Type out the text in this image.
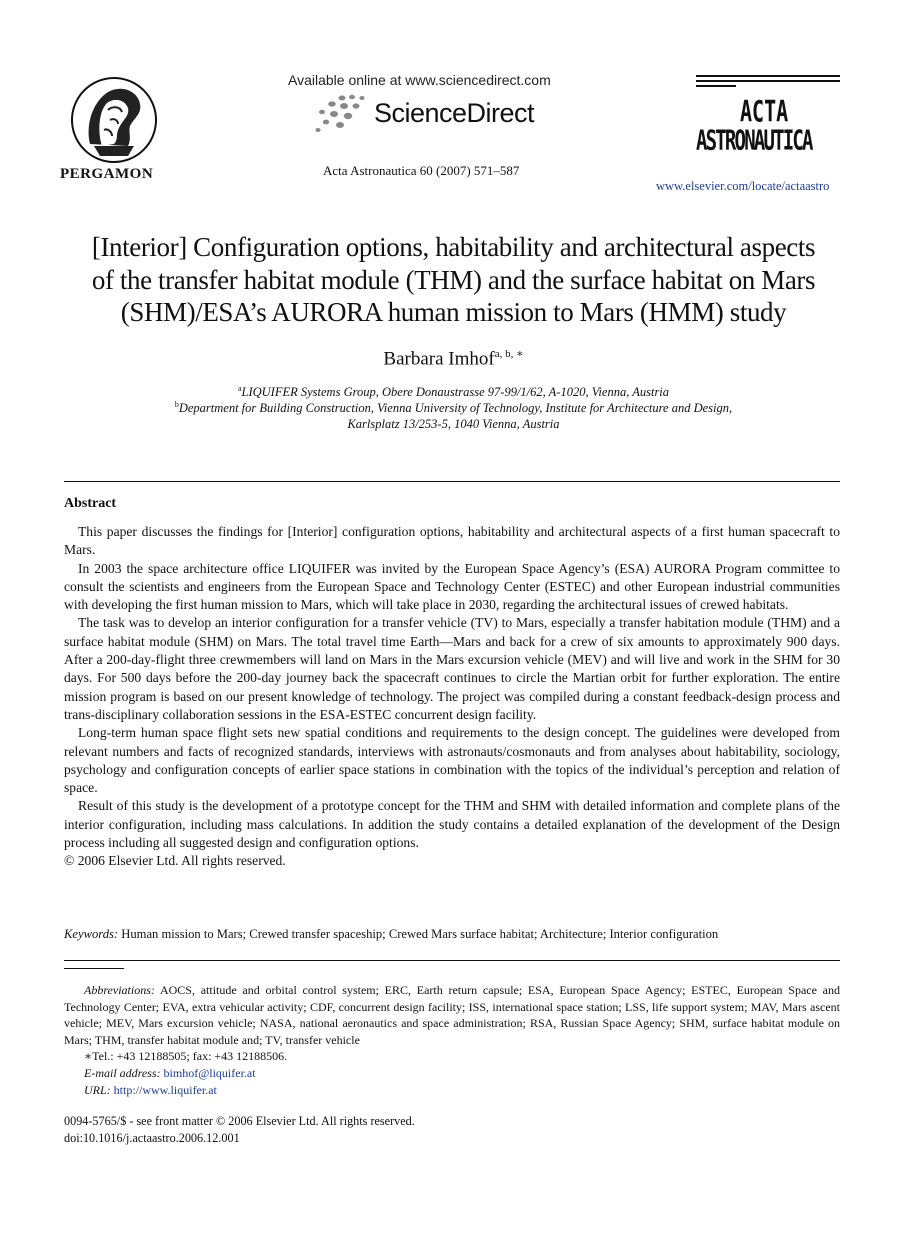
PERGAMON
Available online at www.sciencedirect.com
ScienceDirect
Acta Astronautica 60 (2007) 571–587
ACTA
ASTRONAUTICA
www.elsevier.com/locate/actaastro
[Interior] Configuration options, habitability and architectural aspects
of the transfer habitat module (THM) and the surface habitat on Mars
(SHM)/ESA’s AURORA human mission to Mars (HMM) study
Barbara Imhof$^{a, b, ∗}$
$^a$LIQUIFER Systems Group, Obere Donaustrasse 97-99/1/62, A-1020, Vienna, Austria
$^b$Department for Building Construction, Vienna University of Technology, Institute for Architecture and Design,
Karlsplatz 13/253-5, 1040 Vienna, Austria
Abstract

This paper discusses the findings for [Interior] configuration options, habitability and architectural aspects of a first human spacecraft to Mars.

In 2003 the space architecture office LIQUIFER was invited by the European Space Agency’s (ESA) AURORA Program committee to consult the scientists and engineers from the European Space and Technology Center (ESTEC) and other European industrial communities with developing the first human mission to Mars, which will take place in 2030, regarding the architectural issues of crewed habitats.

The task was to develop an interior configuration for a transfer vehicle (TV) to Mars, especially a transfer habitation module (THM) and a surface habitat module (SHM) on Mars. The total travel time Earth—Mars and back for a crew of six amounts to approximately 900 days. After a 200-day-flight three crewmembers will land on Mars in the Mars excursion vehicle (MEV) and will live and work in the SHM for 30 days. For 500 days before the 200-day journey back the spacecraft continues to circle the Martian orbit for further exploration. The entire mission program is based on our present knowledge of technology. The project was compiled during a constant feedback-design process and trans-disciplinary collaboration sessions in the ESA-ESTEC concurrent design facility.

Long-term human space flight sets new spatial conditions and requirements to the design concept. The guidelines were developed from relevant numbers and facts of recognized standards, interviews with astronauts/cosmonauts and from analyses about habitability, sociology, psychology and configuration concepts of earlier space stations in combination with the topics of the individual’s perception and relation of space.

Result of this study is the development of a prototype concept for the THM and SHM with detailed information and complete plans of the interior configuration, including mass calculations. In addition the study contains a detailed explanation of the development of the Design process including all suggested design and configuration options.

© 2006 Elsevier Ltd. All rights reserved.

Keywords: Human mission to Mars; Crewed transfer spaceship; Crewed Mars surface habitat; Architecture; Interior configuration

Abbreviations: AOCS, attitude and orbital control system; ERC, Earth return capsule; ESA, European Space Agency; ESTEC, European Space and Technology Center; EVA, extra vehicular activity; CDF, concurrent design facility; ISS, international space station; LSS, life support system; MAV, Mars ascent vehicle; MEV, Mars excursion vehicle; NASA, national aeronautics and space administration; RSA, Russian Space Agency; SHM, surface habitat module on Mars; THM, transfer habitat module and; TV, transfer vehicle

∗Tel.: +43 12188505; fax: +43 12188506.

E-mail address: bimhof@liquifer.at

URL: http://www.liquifer.at

0094-5765/$ - see front matter © 2006 Elsevier Ltd. All rights reserved.
doi:10.1016/j.actaastro.2006.12.001
